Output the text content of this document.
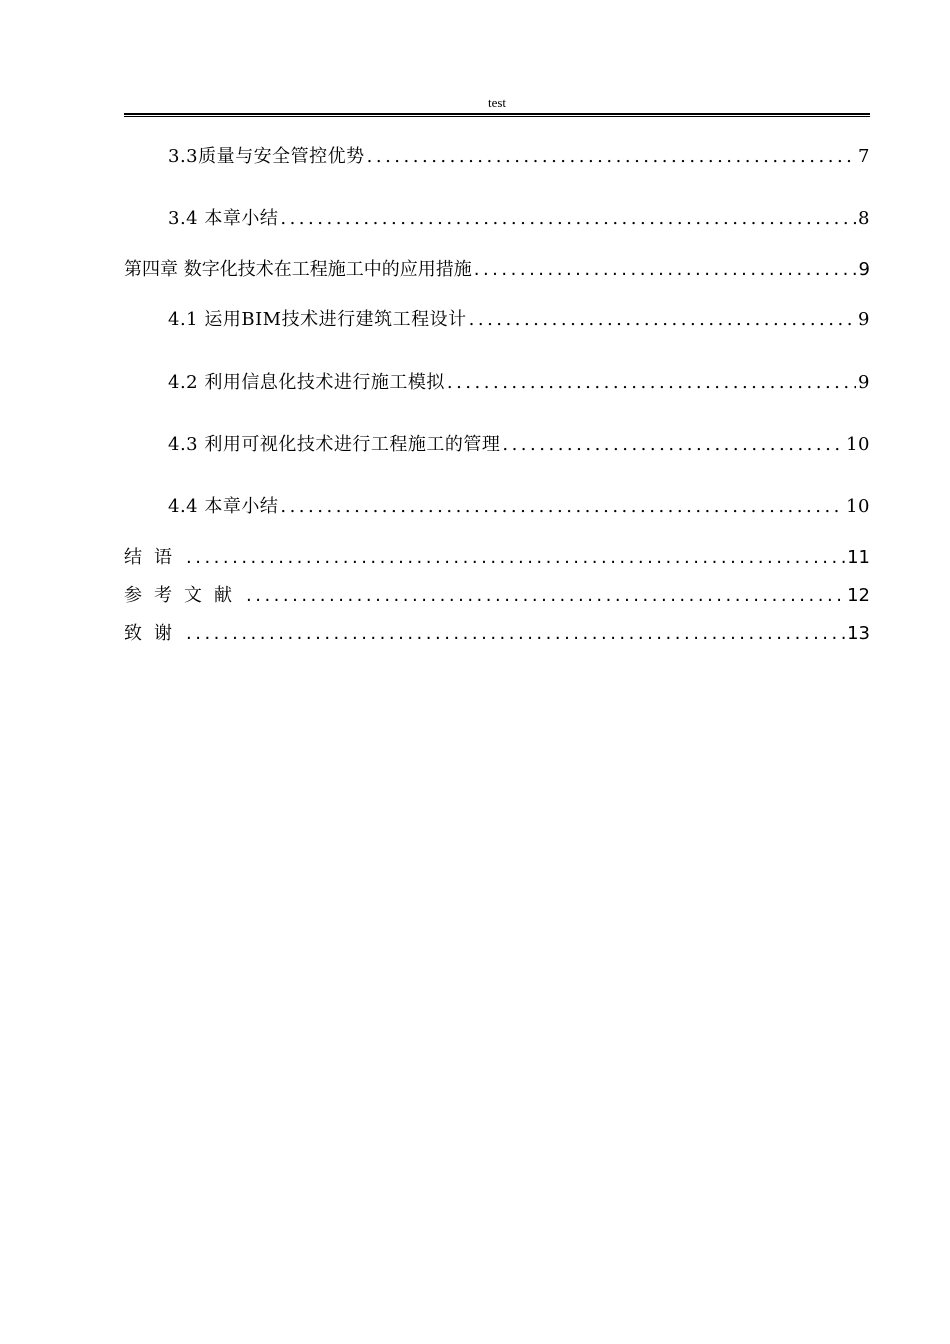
test
3.3质量与安全管控优势 .....	7
3.4 本章小结 .....	8
第四章 数字化技术在工程施工中的应用措施 .....	9
4.1 运用BIM技术进行建筑工程设计 .....	9
4.2 利用信息化技术进行施工模拟 .....	9
4.3 利用可视化技术进行工程施工的管理 .....	10
4.4 本章小结 .....	10
结语 .....	11
参考文献 .....	12
致谢 .....	13
